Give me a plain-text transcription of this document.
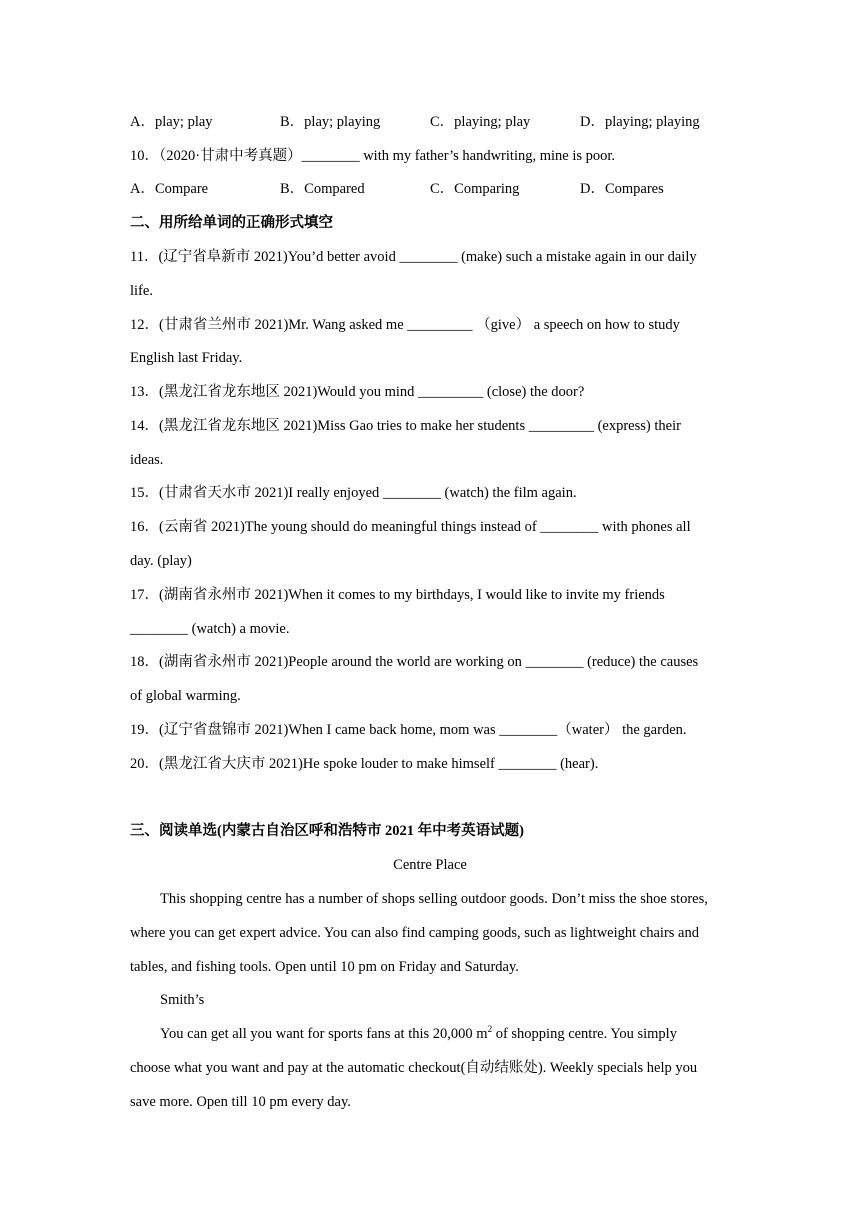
A．play; play	B．play; playing	C．playing; play	D．playing; playing
10．（2020·甘肃中考真题）________ with my father’s handwriting, mine is poor.
A．Compare	B．Compared	C．Comparing	D．Compares
二、用所给单词的正确形式填空
11．(辽宁省阜新市 2021)You’d better avoid ________ (make) such a mistake again in our daily
life.
12．(甘肃省兰州市 2021)Mr. Wang asked me _________ （give） a speech on how to study
English last Friday.
13．(黑龙江省龙东地区 2021)Would you mind _________ (close) the door?
14．(黑龙江省龙东地区 2021)Miss Gao tries to make her students _________ (express) their
ideas.
15．(甘肃省天水市 2021)I really enjoyed ________ (watch) the film again.
16．(云南省 2021)The young should do meaningful things instead of ________ with phones all
day. (play)
17．(湖南省永州市 2021)When it comes to my birthdays, I would like to invite my friends
________ (watch) a movie.
18．(湖南省永州市 2021)People around the world are working on ________ (reduce) the causes
of global warming.
19．(辽宁省盘锦市 2021)When I came back home, mom was ________（water） the garden.
20．(黑龙江省大庆市 2021)He spoke louder to make himself ________ (hear).
三、阅读单选(内蒙古自治区呼和浩特市 2021 年中考英语试题)
Centre Place
This shopping centre has a number of shops selling outdoor goods. Don’t miss the shoe stores,
where you can get expert advice. You can also find camping goods, such as lightweight chairs and
tables, and fishing tools. Open until 10 pm on Friday and Saturday.
Smith’s
You can get all you want for sports fans at this 20,000 $m^2$ of shopping centre. You simply
choose what you want and pay at the automatic checkout(自动结账处). Weekly specials help you
save more. Open till 10 pm every day.
